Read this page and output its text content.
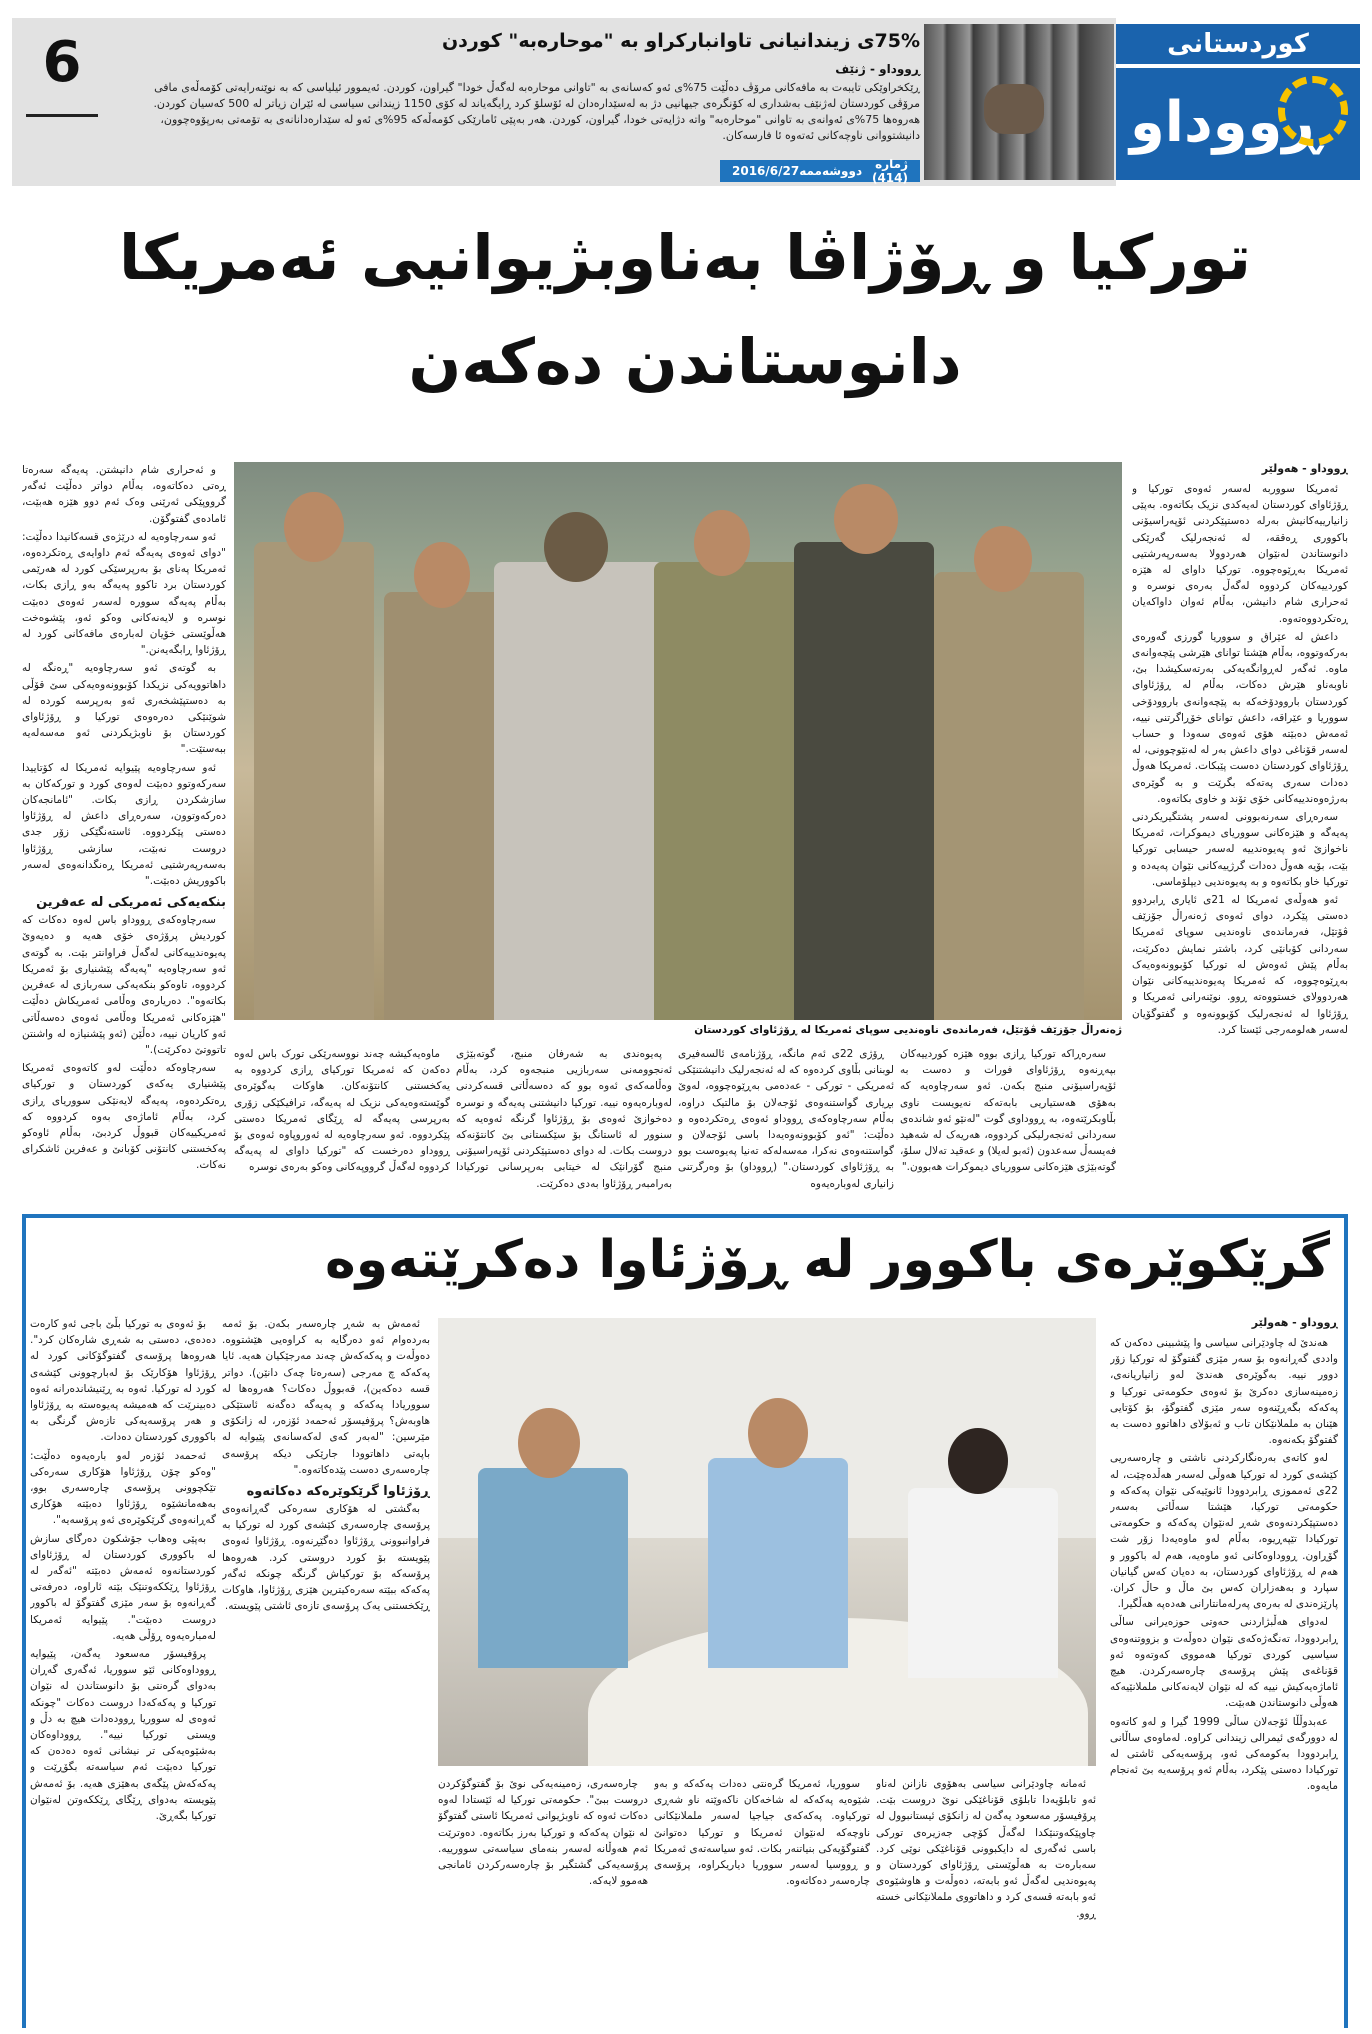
6	75%ی زیندانیانی تاوانبارکراو بە "موحارەبە" کوردن
ڕووداو - ژنێف
ڕێکخراوێکی تایبەت بە مافەکانی مرۆڤ دەڵێت 75%ی ئەو کەسانەی بە "تاوانی موحارەبە لەگەڵ خودا" گیراون، کوردن. ئەیموور ئیلیاسی کە بە نوێنەرایەتی کۆمەڵەی مافی مرۆڤی کوردستان لەژنێف بەشداری لە کۆنگرەی جیهانیی دژ بە لەسێدارەدان لە ئۆسلۆ کرد ڕایگەیاند لە کۆی 1150 زیندانی سیاسی لە ئێران زیاتر لە 500 کەسیان کوردن. هەروەها 75%ی ئەوانەی بە تاوانی "موحارەبە" واتە دژایەتی خودا، گیراون، کوردن. هەر بەپێی ئامارێکی کۆمەڵەکە 95%ی ئەو لە سێدارەدانانەی بە تۆمەتی بەرپۆوەچوون، دانیشتووانی ناوچەکانی ئەتەوە ئا فارسەکان.
ژمارە (414)
دووشەممە
2016/6/27
کوردستانی
ڕووداو
تورکیا و ڕۆژاڤا بەناوبژیوانیی ئەمریکا
دانوستاندن دەکەن
ڕووداو - هەولێر

ئەمریکا سووربە لەسەر ئەوەی تورکیا و ڕۆژئاوای کوردستان لەیەکدی نزیک بکاتەوە. بەپێی زانیارییەکانیش بەرلە دەستپێکردنی ئۆپەراسیۆنی باکووری ڕەققە، لە ئەنجەرلیک گەرێکی دانوستاندن لەنێوان هەردوولا بەسەرپەرشتیی ئەمریکا بەڕێوەچووە. تورکیا داوای لە هێزە کوردییەکان کردووە لەگەڵ بەرەی نوسرە و ئەحراری شام دانیشن، بەڵام ئەوان داواکەیان ڕەتکردووەتەوە.

داعش لە عێراق و سووریا گورزی گەورەی بەرکەوتووە، بەڵام هێشتا توانای هێرشی پێچەوانەی ماوە. ئەگەر لەڕوانگەیەکی بەرتەسکیشدا بێ، ناوبەناو هێرش دەکات، بەڵام لە ڕۆژئاوای کوردستان باروودۆخەکە بە پێچەوانەی باروودۆخی سووریا و عێراقە، داعش توانای خۆڕاگرتنی نییە، ئەمەش دەبێتە هۆی ئەوەی سەودا و حساب لەسەر قۆناغی دوای داعش بەر لە لەنێوچوونی، لە ڕۆژئاوای کوردستان دەست پێبکات. ئەمریکا هەوڵ دەدات سەری پەتەکە بگرێت و بە گوێرەی بەرژەوەندییەکانی خۆی تۆند و خاوی بکاتەوە.

سەرەڕای سەرنەبوونی لەسەر پشتگیریکردنی پەیەگە و هێزەکانی سووریای دیموکرات، ئەمریکا ناخوازێ ئەو پەیوەندییە لەسەر حیسابی تورکیا بێت، بۆیە هەوڵ دەدات گرژییەکانی نێوان پەیەدە و تورکیا خاو بکاتەوە و بە پەیوەندیی دیپلۆماسی.

ئەو هەوڵەی ئەمریکا لە 21ی ئایاری ڕابردوو دەستی پێکرد، دوای ئەوەی ژەنەراڵ جۆزێف ڤۆتێل، فەرماندەی ناوەندیی سوپای ئەمریکا سەردانی کۆبانێی کرد، باشتر نمایش دەکرێت، بەڵام پێش ئەوەش لە تورکیا کۆبوونەوەیەک بەڕێوەچووە، کە ئەمریکا پەیوەندییەکانی نێوان هەردوولای خستووەتە ڕوو. نوێنەرانی ئەمریکا و ڕۆژئاوا لە ئەنجەرلیک کۆبوونەوە و گفتوگۆیان لەسەر هەلومەرجی ئێستا کرد.

و ئەحراری شام دانیشتن. پەیەگە سەرەتا ڕەتی دەکاتەوە، بەڵام دواتر دەڵێت ئەگەر گرووپێکی ئەرێنی وەک ئەم دوو هێزە هەبێت، ئامادەی گفتوگۆن.

ئەو سەرچاوەیە لە درێژەی قسەکانیدا دەڵێت: "دوای ئەوەی پەیەگە ئەم داوایەی ڕەتکردەوە، ئەمریکا پەنای بۆ بەرپرسێکی کورد لە هەرێمی کوردستان برد تاکوو پەیەگە بەو ڕازی بکات، بەڵام پەیەگە سوورە لەسەر ئەوەی دەبێت نوسرە و لایەنەکانی وەکو ئەو، پێشوەخت هەڵوێستی خۆیان لەبارەی مافەکانی کورد لە ڕۆژئاوا ڕابگەیەنن."

بە گوتەی ئەو سەرچاوەیە "ڕەنگە لە داهاتوویەکی نزیکدا کۆبوونەوەیەکی سێ قۆڵی بە دەستپێشخەری ئەو بەرپرسە کوردە لە شوێنێکی دەرەوەی تورکیا و ڕۆژئاوای کوردستان بۆ ناوبژیکردنی ئەو مەسەلەیە ببەستێت."

ئەو سەرچاوەیە پێیوایە ئەمریکا لە کۆتاییدا سەرکەوتوو دەبێت لەوەی کورد و تورکەکان بە سازشکردن ڕازی بکات. "ئامانجەکان دەرکەوتوون، سەرەڕای داعش لە ڕۆژئاوا دەستی پێکردووە. ئاستەنگێکی زۆر جدی دروست نەبێت، سازشی ڕۆژئاوا بەسەرپەرشتیی ئەمریکا ڕەنگدانەوەی لەسەر باکووریش دەبێت."

بنکەیەکی ئەمریکی لە عەفرین

سەرچاوەکەی ڕووداو باس لەوە دەکات کە کوردیش پرۆژەی خۆی هەیە و دەیەوێ پەیوەندییەکانی لەگەڵ فراوانتر بێت. بە گوتەی ئەو سەرچاوەیە "پەیەگە پێشنیاری بۆ ئەمریکا کردووە، تاوەکو بنکەیەکی سەربازی لە عەفرین بکاتەوە". دەریارەی وەڵامی ئەمریکاش دەڵێت "هێزەکانی ئەمریکا وەڵامی ئەوەی دەسەڵاتی ئەو کاریان نییە، دەڵێن (ئەو پێشنیازە لە واشنتن تاتووتێ دەکرێت)."

سەرچاوەکە دەڵێت لەو کاتەوەی ئەمریکا پێشنیاری یەکەی کوردستان و تورکیای ڕەتکردەوە، پەیەگە لایەنێکی سووریای ڕازی کرد، بەڵام ئاماژەی بەوە کردووە کە ئەمریکییەکان قبووڵ کردبێ، بەڵام ئاوەکو پەکخستنی کانتۆنی کۆبانێ و عەفرین ئاشکرای نەکات.

ژەنەراڵ جۆزێف ڤۆتێل، فەرماندەی ناوەندیی سوپای ئەمریکا لە ڕۆژئاوای کوردستان

سەرەڕاکە تورکیا ڕازی بووە هێزە کوردییەکان بپەڕنەوە ڕۆژئاوای فورات و دەست بە ئۆپەراسیۆنی منبج بکەن. ئەو سەرچاوەیە کە بەهۆی هەستیاریی بابەتەکە نەیویست ناوی بڵاوبکرێتەوە، بە ڕووداوی گوت "لەنێو ئەو شاندەی سەردانی ئەنجەرلیکی کردووە، هەریەک لە شەهید فەیسەڵ سەعدون (ئەبو لەیلا) و عەقید تەلال سلۆ، گوتەبێژی هێزەکانی سووریای دیموکرات هەبوون."

ڕۆژی 22ی ئەم مانگە، ڕۆژنامەی ئالسەفیری لوبنانی بڵاوی کردەوە کە لە ئەنجەرلیک دانیشتنێکی ئەمریکی - تورکی - عەدەمی بەڕێوەچووە، لەوێ بڕیاری گواستنەوەی ئۆجەلان بۆ مالتیک دراوە، بەڵام سەرچاوەکەی ڕووداو ئەوەی ڕەتکردەوە و دەڵێت: "ئەو کۆبوونەوەیەدا باسی ئۆجەلان و گواستنەوەی نەکرا، مەسەلەکە تەنیا پەیوەست بوو بە ڕۆژئاوای کوردستان." (ڕووداو) بۆ وەرگرتنی زانیاری لەوبارەیەوە

پەیوەندی بە شەرفان منبج، گوتەبێژی ئەنجوومەنی سەربازیی منبجەوە کرد، بەڵام وەڵامەکەی ئەوە بوو کە دەسەڵاتی قسەکردنی لەوبارەیەوە نییە. تورکیا دانیشتنی پەیەگە و نوسرە دەخوازێ ئەوەی بۆ ڕۆژئاوا گرنگە ئەوەیە کە سنوور لە ئاستانگ بۆ سێکستانی بێ کانتۆنەکە دروست بکات. لە دوای دەستپێکردنی ئۆپەراسیۆنی منبج گۆرانێک لە خیتابی بەرپرسانی تورکیادا بەرامبەر ڕۆژئاوا بەدی دەکرێت.

ماوەیەکیشە چەند نووسەرێکی تورک باس لەوە دەکەن کە ئەمریکا تورکیای ڕازی کردووە بە یەکخستنی کانتۆنەکان. هاوکات بەگوێرەی گوێستەوەیەکی نزیک لە پەیەگە، ترافیکێکی زۆری بەرپرسی پەیەگە لە ڕێگای ئەمریکا دەستی پێکردووە. ئەو سەرچاوەیە لە ئەوروپاوە ئەوەی بۆ ڕووداو دەرخست کە "تورکیا داوای لە پەیەگە کردووە لەگەڵ گرووپەکانی وەکو بەرەی نوسرە

گرێکوێرەی باکوور لە ڕۆژئاوا دەکرێتەوە
ڕووداو - هەولێر

هەندێ لە چاودێرانی سیاسی وا پێشبینی دەکەن کە واددی گەڕانەوە بۆ سەر مێزی گفتوگۆ لە تورکیا زۆر دوور نییە. بەگوێرەی هەندێ لەو زانیاریانەی، زەمینەسازی دەکرێ بۆ ئەوەی حکومەتی تورکیا و پەکەکە بگەڕێنەوە سەر مێزی گفتوگۆ، بۆ کۆتایی هێنان بە ململانێکان تاب و ئەبۆلای داهاتوو دەست بە گفتوگۆ بکەنەوە.

لەو کاتەی بەرەنگارکردنی ناشتی و چارەسەریی کێشەی کورد لە تورکیا هەوڵی لەسەر هەڵدەچێت، لە 22ی ئەمموزی ڕابردوودا ئانوێیەکی نێوان پەکەکە و حکومەتی تورکیا، هێشتا سەڵاتی بەسەر دەستپێکردنەوەی شەڕ لەنێوان پەکەکە و حکومەتی تورکیادا تێپەڕیوە، بەڵام لەو ماوەیەدا زۆر شت گۆڕاون. ڕووداوەکانی ئەو ماوەیە، هەم لە باکوور و هەم لە ڕۆژئاوای کوردستان، بە دەیان کەس گیانیان سپارد و بەهەزاران کەس بێ ماڵ و حاڵ کران. پارێزەندی لە بەرەی پەرلەمانتارانی هەدەپە هەڵگیرا.

لەدوای هەڵبژاردنی حەوتی حوزەیرانی ساڵی ڕابردوودا، تەنگەژەکەی نێوان دەوڵەت و بزووتنەوەی سیاسیی کوردی تورکیا هەمووی کەوتەوە ئەو قۆناغەی پێش پرۆسەی چارەسەرکردن. هیچ ئاماژەیەکیش نییە کە لە نێوان لایەنەکانی ململانێیەکە هەوڵی دانوستاندن هەبێت.

عەبدوڵڵا ئۆجەلان ساڵی 1999 گیرا و لەو کاتەوە لە دوورگەی ئیمرالی زیندانی کراوە. لەماوەی ساڵانی ڕابردوودا بەکومەکی ئەو، پرۆسەیەکی ئاشتی لە تورکیادا دەستی پێکرد، بەڵام ئەو پرۆسەیە بێ ئەنجام مایەوە.

ئەمانە چاودێرانی سیاسی بەهۆوی نازانن لەناو ئەو تابلۆیەدا تابلۆی قۆناغێکی نوێ دروست بێت. پرۆفیسۆر مەسعود یەگەن لە زانکۆی ئیستانبوول لە چاوپێکەوتنێکدا لەگەڵ کۆچی جەزیرەی تورکی باسی ئەگەری لە دایکبوونی قۆناغێکی نوێی کرد. سەبارەت بە هەڵوێستی ڕۆژئاوای کوردستان و پەیوەندیی لەگەڵ ئەو بابەتە، دەوڵەت و هاوشێوەی ئەو بابەتە قسەی کرد و داهاتووی ململانێکانی خستە ڕوو.

سووریا، ئەمریکا گرەنتی دەدات پەکەکە و بەو شێوەیە پەکەکە لە شاخەکان ناکەوێتە ناو شەڕی تورکیاوە. پەکەکەی جیاجیا لەسەر ململانێکانی ناوچەکە لەنێوان ئەمریکا و تورکیا دەتوانێ گفتوگۆیەکی بنیاتنەر بکات. ئەو سیاسەتەی ئەمریکا و ڕووسیا لەسەر سووریا دیاریکراوە، پرۆسەی چارەسەر دەکاتەوە.

چارەسەری، زەمینەیەکی نوێ بۆ گفتوگۆکردن دروست ببێ". حکومەتی تورکیا لە ئێستادا لەوە دەکات ئەوە کە ناوبژیوانی ئەمریکا ئاستی گفتوگۆ لە نێوان پەکەکە و تورکیا بەرز بکاتەوە. دەوترێت ئەم هەوڵانە لەسەر بنەمای سیاسەتی سوورییە. پرۆسەیەکی گشتگیر بۆ چارەسەرکردن ئامانجی هەموو لایەکە.

ئەمەش بە شەڕ چارەسەر بکەن. بۆ ئەمە بەردەوام ئەو دەرگایە بە کراوەیی هێشتووە. دەوڵەت و پەکەکەش چەند مەرجێکیان هەیە. ئایا پەکەکە چ مەرجی (سەرەتا چەک دانێن). دواتر قسە دەکەین)، قەبووڵ دەکات؟ هەروەها لە سووریادا پەکەکە و پەیەگە دەگەنە ئاستێکی هاوبەش؟ پرۆفیسۆر ئەحمەد ئۆزەر، لە زانکۆی مێرسین: "لەبەر کەی لەکەسانەی پێیوایە لە باپەتی داهاتوودا جارێکی دیکە پرۆسەی چارەسەری دەست پێدەکاتەوە."

ڕۆژئاوا گرێکوێرەکە دەکاتەوە

بەگشتی لە هۆکاری سەرەکی گەڕانەوەی پرۆسەی چارەسەری کێشەی کورد لە تورکیا بە فراوانبوونی ڕۆژئاوا دەگێڕنەوە. ڕۆژئاوا ئەوەی پێویستە بۆ کورد دروستی کرد. هەروەها پرۆسەکە بۆ تورکیاش گرنگە چونکە ئەگەر پەکەکە ببێتە سەرەکیترین هێزی ڕۆژئاوا، هاوکات ڕێکخستنی یەک پرۆسەی تازەی ئاشتی پێویستە.

بۆ ئەوەی بە تورکیا بڵێ باجی ئەو کارەت دەدەی، دەستی بە شەڕی شارەکان کرد". هەروەها پرۆسەی گفتوگۆکانی کورد لە ڕۆژئاوا هۆکارێک بۆ لەبارچوونی کێشەی کورد لە تورکیا. ئەوە بە ڕێنیشاندەرانە ئەوە دەبینرێت کە هەمیشە پەیوەستە بە ڕۆژئاوا و هەر پرۆسەیەکی تازەش گرنگی بە باکووری کوردستان دەدات.

ئەحمەد ئۆزەر لەو بارەیەوە دەڵێت: "وەکو چۆن ڕۆژئاوا هۆکاری سەرەکی تێکچوونی پرۆسەی چارەسەری بوو، بەهەمانشێوە ڕۆژئاوا دەبێتە هۆکاری گەڕانەوەی گرێکوێرەی ئەو پرۆسەیە".

بەپێی وەهاب جۆشکون دەرگای سازش لە باکووری کوردستان لە ڕۆژئاوای کوردستانەوە ئەمەش دەبێتە "ئەگەر لە ڕۆژئاوا ڕێککەوتنێک بێتە ئاراوە، دەرفەتی گەڕانەوە بۆ سەر مێزی گفتوگۆ لە باکوور دروست دەبێت". پێیوایە ئەمریکا لەمبارەیەوە ڕۆڵی هەیە.

پرۆفیسۆر مەسعود یەگەن، پێیوایە ڕووداوەکانی ئێو سووریا، ئەگەری گەڕان بەدوای گرەنتی بۆ دانوستاندن لە نێوان تورکیا و پەکەکەدا دروست دەکات "چونکە ئەوەی لە سووریا ڕوودەدات هیچ بە دڵ و ویستی تورکیا نییە". ڕووداوەکان بەشێوەیەکی تر نیشانی ئەوە دەدەن کە تورکیا دەبێت ئەم سیاسەتە بگۆڕێت و پەکەکەش پێگەی بەهێزی هەیە. بۆ ئەمەش پێویستە بەدوای ڕێگای ڕێککەوتن لەنێوان تورکیا بگەڕێ.
